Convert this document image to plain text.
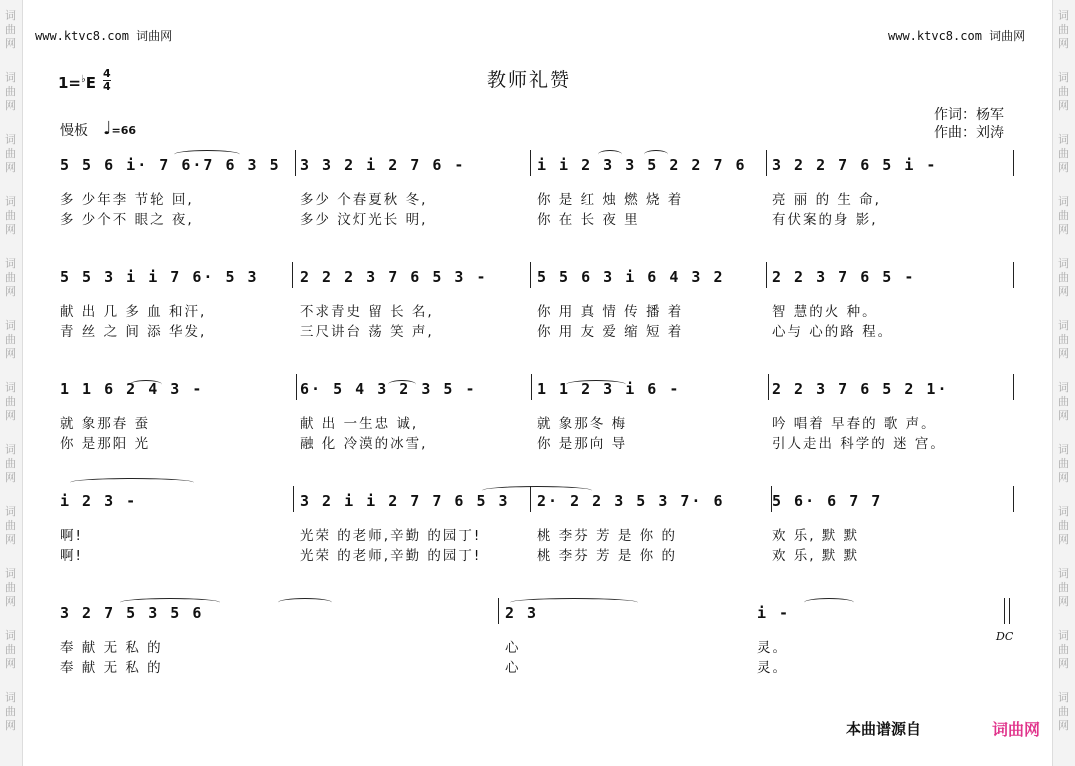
词
曲
网
词
曲
网
词
曲
网
词
曲
网
词
曲
网
词
曲
网
词
曲
网
词
曲
网
词
曲
网
词
曲
网
词
曲
网
词
曲
网
词
曲
网
词
曲
网
词
曲
网
词
曲
网
词
曲
网
词
曲
网
词
曲
网
词
曲
网
词
曲
网
词
曲
网
词
曲
网
词
曲
网
www.ktvc8.com 词曲网	www.ktvc8.com 词曲网
教师礼赞
1=♭E
4
4
慢板 ♩=66
作词：杨军
作曲：刘涛
5 5 6 i· 7 6·7 6 3 5 3 3 2 i 2 7 6 -	i i 2 3 3 5 2 2 7 6 3 2 2 7 6 5 i -
多 少年李 节轮 回,	多少 个春夏秋 冬,	你 是 红 烛 燃 烧 着	亮 丽 的 生 命,
多 少个不 眼之 夜,	多少 汶灯光长 明,	你 在 长 夜 里	有伏案的身 影,
5 5 3 i i 7 6· 5 3	2 2 2 3 7 6 5 3 -	5 5 6 3 i 6 4 3 2	2 2 3 7 6 5 -
献 出 几 多 血 和汗,	不求青史 留 长 名,	你 用 真 情 传 播 着	智 慧的火 种。
青 丝 之 间 添 华发,	三尺讲台 荡 笑 声,	你 用 友 爱 缩 短 着	心与 心的路 程。
1 1 6 2 4 3 -	6· 5 4 3 2 3 5 -	1 1 2 3 i 6 -	2 2 3 7 6 5 2 1·
就 象那春 蚕	献 出 一生忠 诚,	就 象那冬 梅	吟 唱着 早春的 歌 声。
你 是那阳 光	融 化 冷漠的冰雪,	你 是那向 导	引人走出 科学的 迷 宫。
i 2 3 -	3 2 i i 2 7 7 6 5 3 2· 2 2 3 5 3 7· 6	5 6· 6 7 7
啊!	光荣 的老师,辛勤 的园丁!	桃 李芬 芳 是 你 的	欢 乐, 默 默
啊!	光荣 的老师,辛勤 的园丁!	桃 李芬 芳 是 你 的	欢 乐, 默 默
3 2 7 5 3 5 6	2 3	i -
奉 献 无 私 的	心	灵。
奉 献 无 私 的	心	灵。
DC
本曲谱源自	词曲网
